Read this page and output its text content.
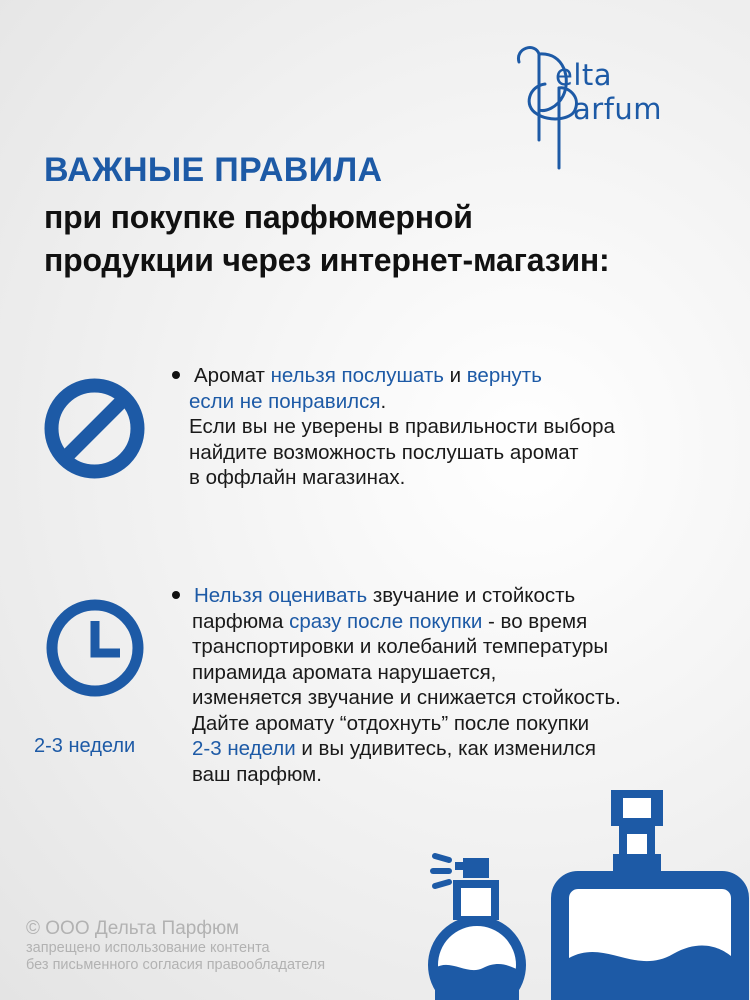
elta
arfum
ВАЖНЫЕ ПРАВИЛА
при покупке парфюмерной
продукции через интернет-магазин:
Аромат нельзя послушать и вернуть
если не понравился.
Если вы не уверены в правильности выбора
найдите возможность послушать аромат
в оффлайн магазинах.
2-3 недели
Нельзя оценивать звучание и стойкость
парфюма сразу после покупки - во время
транспортировки и колебаний температуры
пирамида аромата нарушается,
изменяется звучание и снижается стойкость.
Дайте аромату “отдохнуть” после покупки
2-3 недели и вы удивитесь, как изменился
ваш парфюм.
© ООО Дельта Парфюм
запрещено использование контента
без письменного согласия правообладателя
